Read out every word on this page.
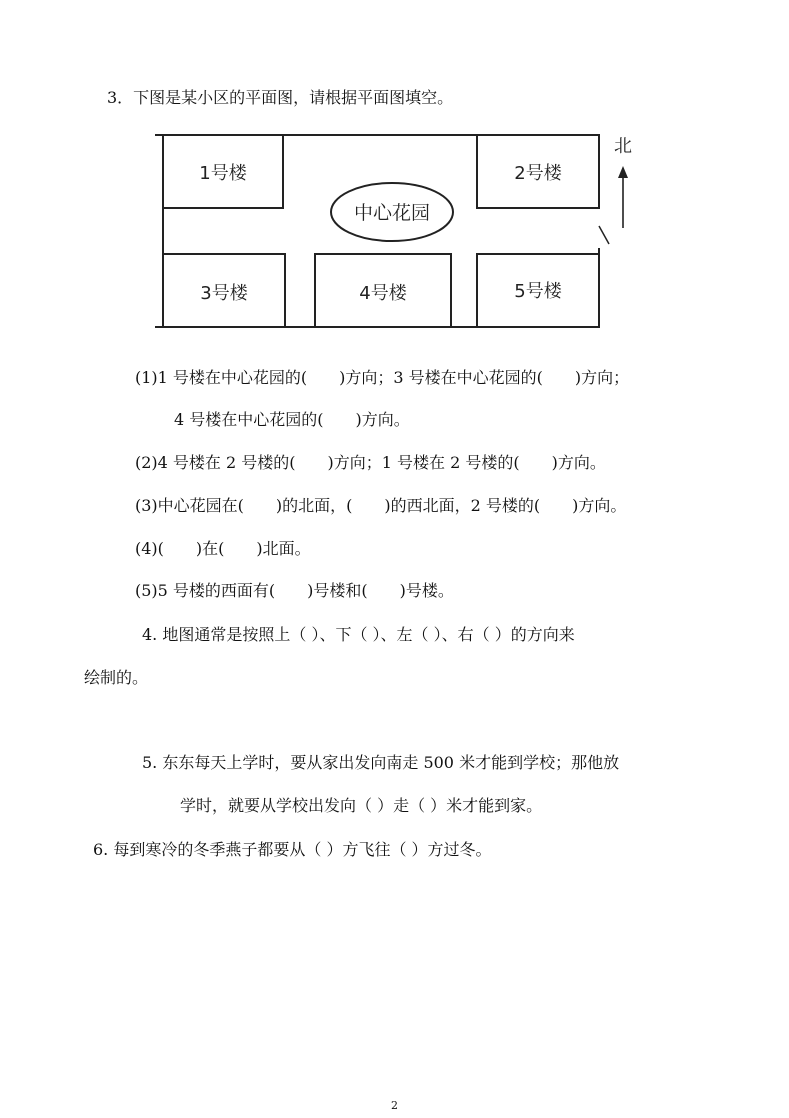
3．下图是某小区的平面图，请根据平面图填空。
1号楼	2号楼
3号楼	4号楼	5号楼
中心花园
北
(1)1 号楼在中心花园的(　　)方向；3 号楼在中心花园的(　　)方向；
4 号楼在中心花园的(　　)方向。
(2)4 号楼在 2 号楼的(　　)方向；1 号楼在 2 号楼的(　　)方向。
(3)中心花园在(　　)的北面，(　　)的西北面，2 号楼的(　　)方向。
(4)(　　)在(　　)北面。
(5)5 号楼的西面有(　　)号楼和(　　)号楼。
4. 地图通常是按照上（ ）、下（ ）、左（ ）、右（ ）的方向来
绘制的。
5. 东东每天上学时，要从家出发向南走 500 米才能到学校；那他放
学时，就要从学校出发向（ ）走（ ）米才能到家。
6. 每到寒冷的冬季燕子都要从（ ）方飞往（ ）方过冬。
2
